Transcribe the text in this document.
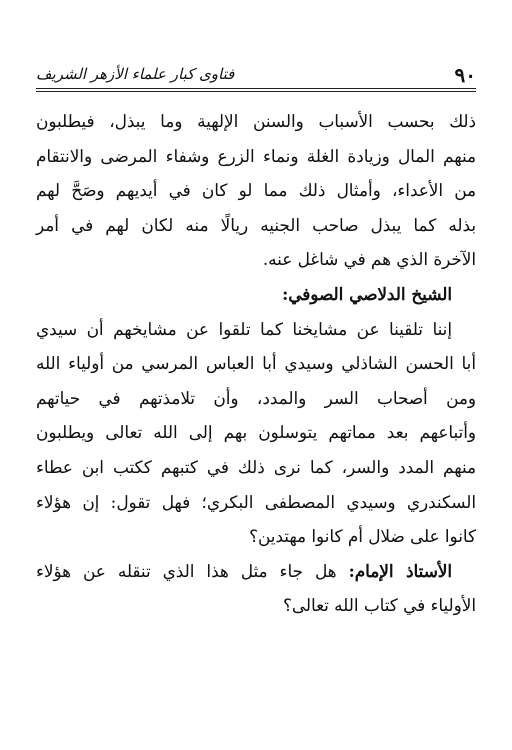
٩٠
فتاوى كبار علماء الأزهر الشريف
ذلك بحسب الأسباب والسنن الإلهية وما يبذل، فيطلبون
منهم المال وزيادة الغلة ونماء الزرع وشفاء المرضى والانتقام
من الأعداء، وأمثال ذلك مما لو كان في أيديهم وصَحَّ لهم
بذله كما يبذل صاحب الجنيه ريالًا منه لكان لهم في أمر
الآخرة الذي هم في شاغل عنه.
الشيخ الدلاصي الصوفي:
إننا تلقينا عن مشايخنا كما تلقوا عن مشايخهم أن سيدي
أبا الحسن الشاذلي وسيدي أبا العباس المرسي من أولياء الله
ومن أصحاب السر والمدد، وأن تلامذتهم في حياتهم
وأتباعهم بعد مماتهم يتوسلون بهم إلى الله تعالى ويطلبون
منهم المدد والسر، كما نرى ذلك في كتبهم ككتب ابن عطاء
السكندري وسيدي المصطفى البكري؛ فهل تقول: إن هؤلاء
كانوا على ضلال أم كانوا مهتدين؟
الأستاذ الإمام: هل جاء مثل هذا الذي تنقله عن هؤلاء
الأولياء في كتاب الله تعالى؟
